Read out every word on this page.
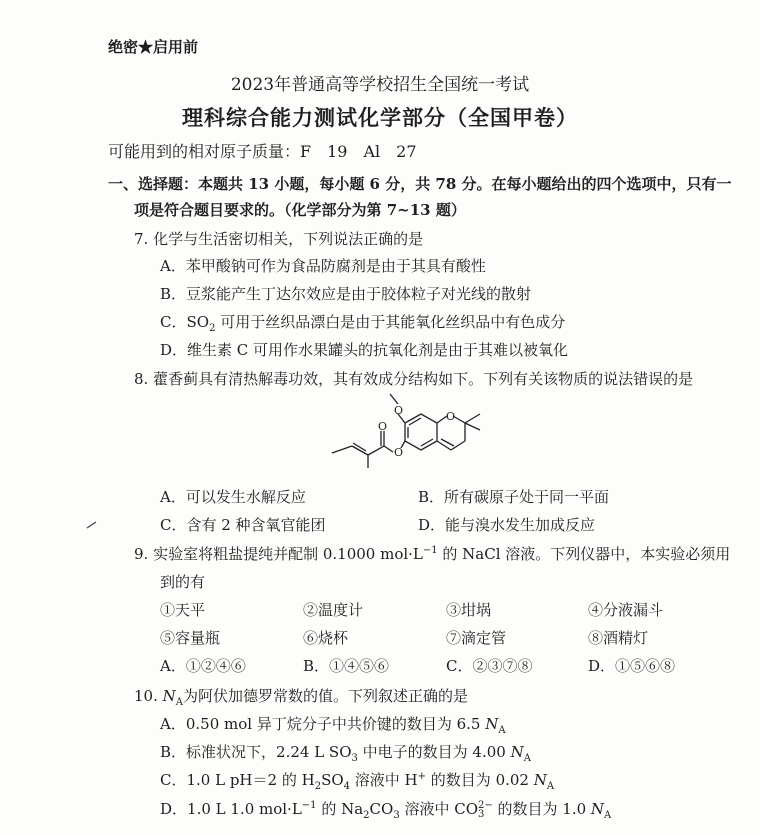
绝密★启用前
2023年普通高等学校招生全国统一考试
理科综合能力测试化学部分（全国甲卷）
可能用到的相对原子质量：F　19　Al　27
一、选择题：本题共 13 小题，每小题 6 分，共 78 分。在每小题给出的四个选项中，只有一
项是符合题目要求的。（化学部分为第 7~13 题）
7. 化学与生活密切相关，下列说法正确的是
A．苯甲酸钠可作为食品防腐剂是由于其具有酸性
B．豆浆能产生丁达尔效应是由于胶体粒子对光线的散射
C．$SO_2$ 可用于丝织品漂白是由于其能氧化丝织品中有色成分
D．维生素 C 可用作水果罐头的抗氧化剂是由于其难以被氧化
8. 藿香蓟具有清热解毒功效，其有效成分结构如下。下列有关该物质的说法错误的是
O	O
O
O
A．可以发生水解反应	B．所有碳原子处于同一平面
C．含有 2 种含氧官能团	D．能与溴水发生加成反应
9. 实验室将粗盐提纯并配制 0.1000 $mol\cdot L^{-1}$ 的 NaCl 溶液。下列仪器中，本实验必须用
到的有
①天平	②温度计	③坩埚	④分液漏斗
⑤容量瓶	⑥烧杯	⑦滴定管	⑧酒精灯
A．①②④⑥	B．①④⑤⑥	C．②③⑦⑧	D．①⑤⑥⑧
10. $N_A$为阿伏加德罗常数的值。下列叙述正确的是
A．0.50 mol 异丁烷分子中共价键的数目为 6.5 $N_A$
B．标准状况下，2.24 L $SO_3$ 中电子的数目为 4.00 $N_A$
C．1.0 L pH＝2 的 $H_2SO_4$ 溶液中 H+ 的数目为 0.02 $N_A$
D．1.0 L 1.0 $mol\cdot L^{-1}$ 的 $Na_2CO_3$ 溶液中 CO 2−
3 的数目为 1.0 $N_A$
